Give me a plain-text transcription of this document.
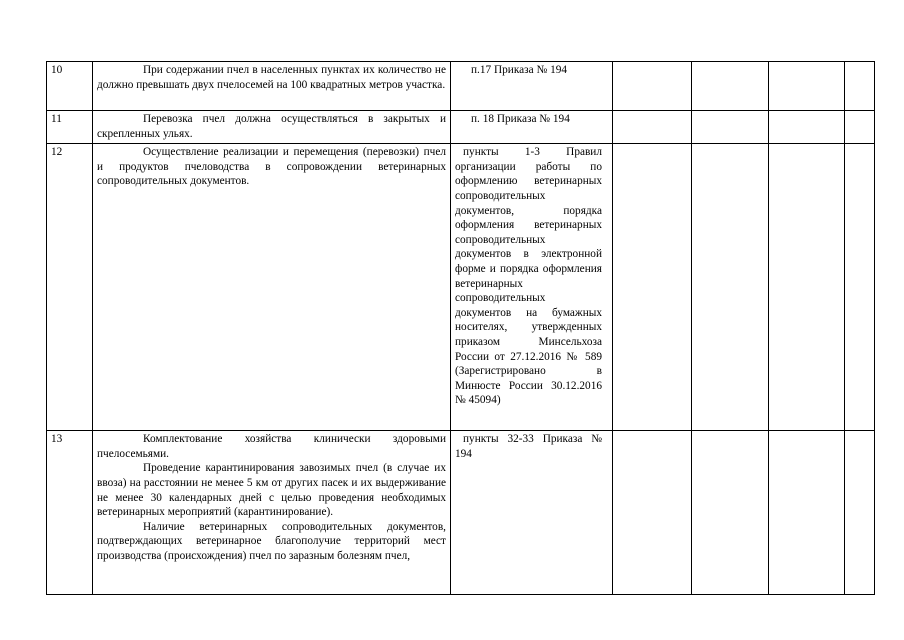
10	При содержании пчел в населенных пунктах их количество не должно превышать двух пчелосемей на 100 квадратных метров участка.	п.17 Приказа № 194				
11	Перевозка пчел должна осуществляться в закрытых и скрепленных ульях.	п. 18 Приказа № 194				
12	Осуществление реализации и перемещения (перевозки) пчел и продуктов пчеловодства в сопровождении ветеринарных сопроводительных документов.	пункты 1-3 Правил организации работы по оформлению ветеринарных сопроводительных документов, порядка оформления ветеринарных сопроводительных документов в электронной форме и порядка оформления ветеринарных сопроводительных документов на бумажных носителях, утвержденных приказом Минсельхоза России от 27.12.2016 № 589 (Зарегистрировано в Минюсте России 30.12.2016 № 45094)				

13	Комплектование хозяйства клинически здоровыми пчелосемьями.

Проведение карантинирования завозимых пчел (в случае их ввоза) на расстоянии не менее 5 км от других пасек и их выдерживание не менее 30 календарных дней с целью проведения необходимых ветеринарных мероприятий (карантинирование).

Наличие ветеринарных сопроводительных документов, подтверждающих ветеринарное благополучие территорий мест производства (происхождения) пчел по заразным болезням пчел,	пункты 32-33 Приказа № 194				
